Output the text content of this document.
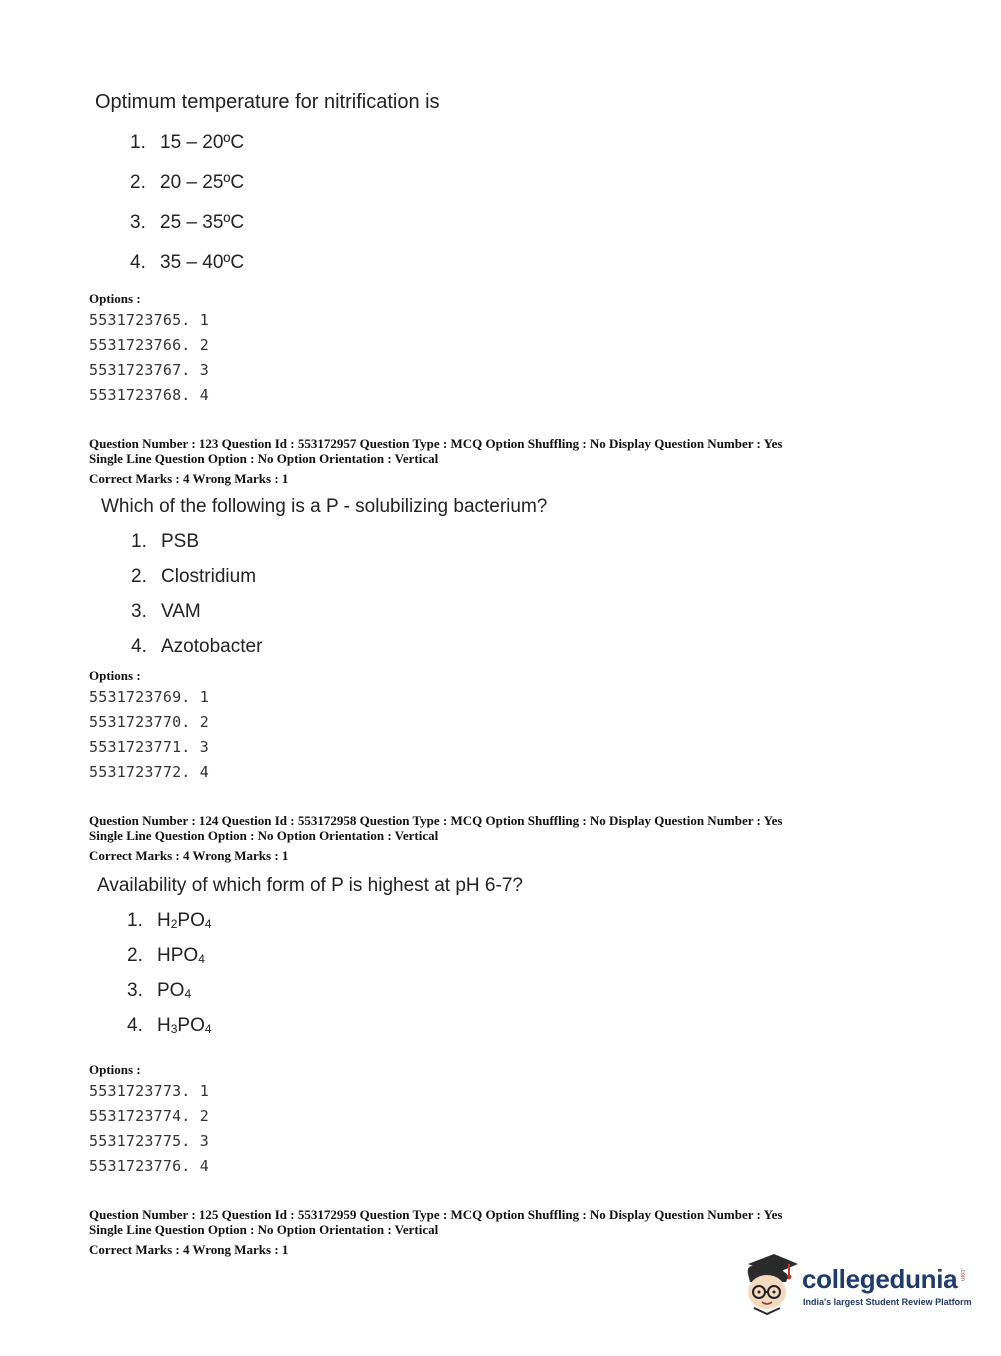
Optimum temperature for nitrification is
1. 15 – 20ºC
2. 20 – 25ºC
3. 25 – 35ºC
4. 35 – 40ºC
Options :
5531723765. 1
5531723766. 2
5531723767. 3
5531723768. 4
Question Number : 123 Question Id : 553172957 Question Type : MCQ Option Shuffling : No Display Question Number : Yes
Single Line Question Option : No Option Orientation : Vertical
Correct Marks : 4 Wrong Marks : 1
Which of the following is a P - solubilizing bacterium?
1. PSB
2. Clostridium
3. VAM
4. Azotobacter
Options :
5531723769. 1
5531723770. 2
5531723771. 3
5531723772. 4
Question Number : 124 Question Id : 553172958 Question Type : MCQ Option Shuffling : No Display Question Number : Yes
Single Line Question Option : No Option Orientation : Vertical
Correct Marks : 4 Wrong Marks : 1
Availability of which form of P is highest at pH 6-7?
1. $H_2PO_4$
2. $HPO_4$
3. $PO_4$
4. $H_3PO_4$
Options :
5531723773. 1
5531723774. 2
5531723775. 3
5531723776. 4
Question Number : 125 Question Id : 553172959 Question Type : MCQ Option Shuffling : No Display Question Number : Yes
Single Line Question Option : No Option Orientation : Vertical
Correct Marks : 4 Wrong Marks : 1
collegedunia .com
India's largest Student Review Platform
